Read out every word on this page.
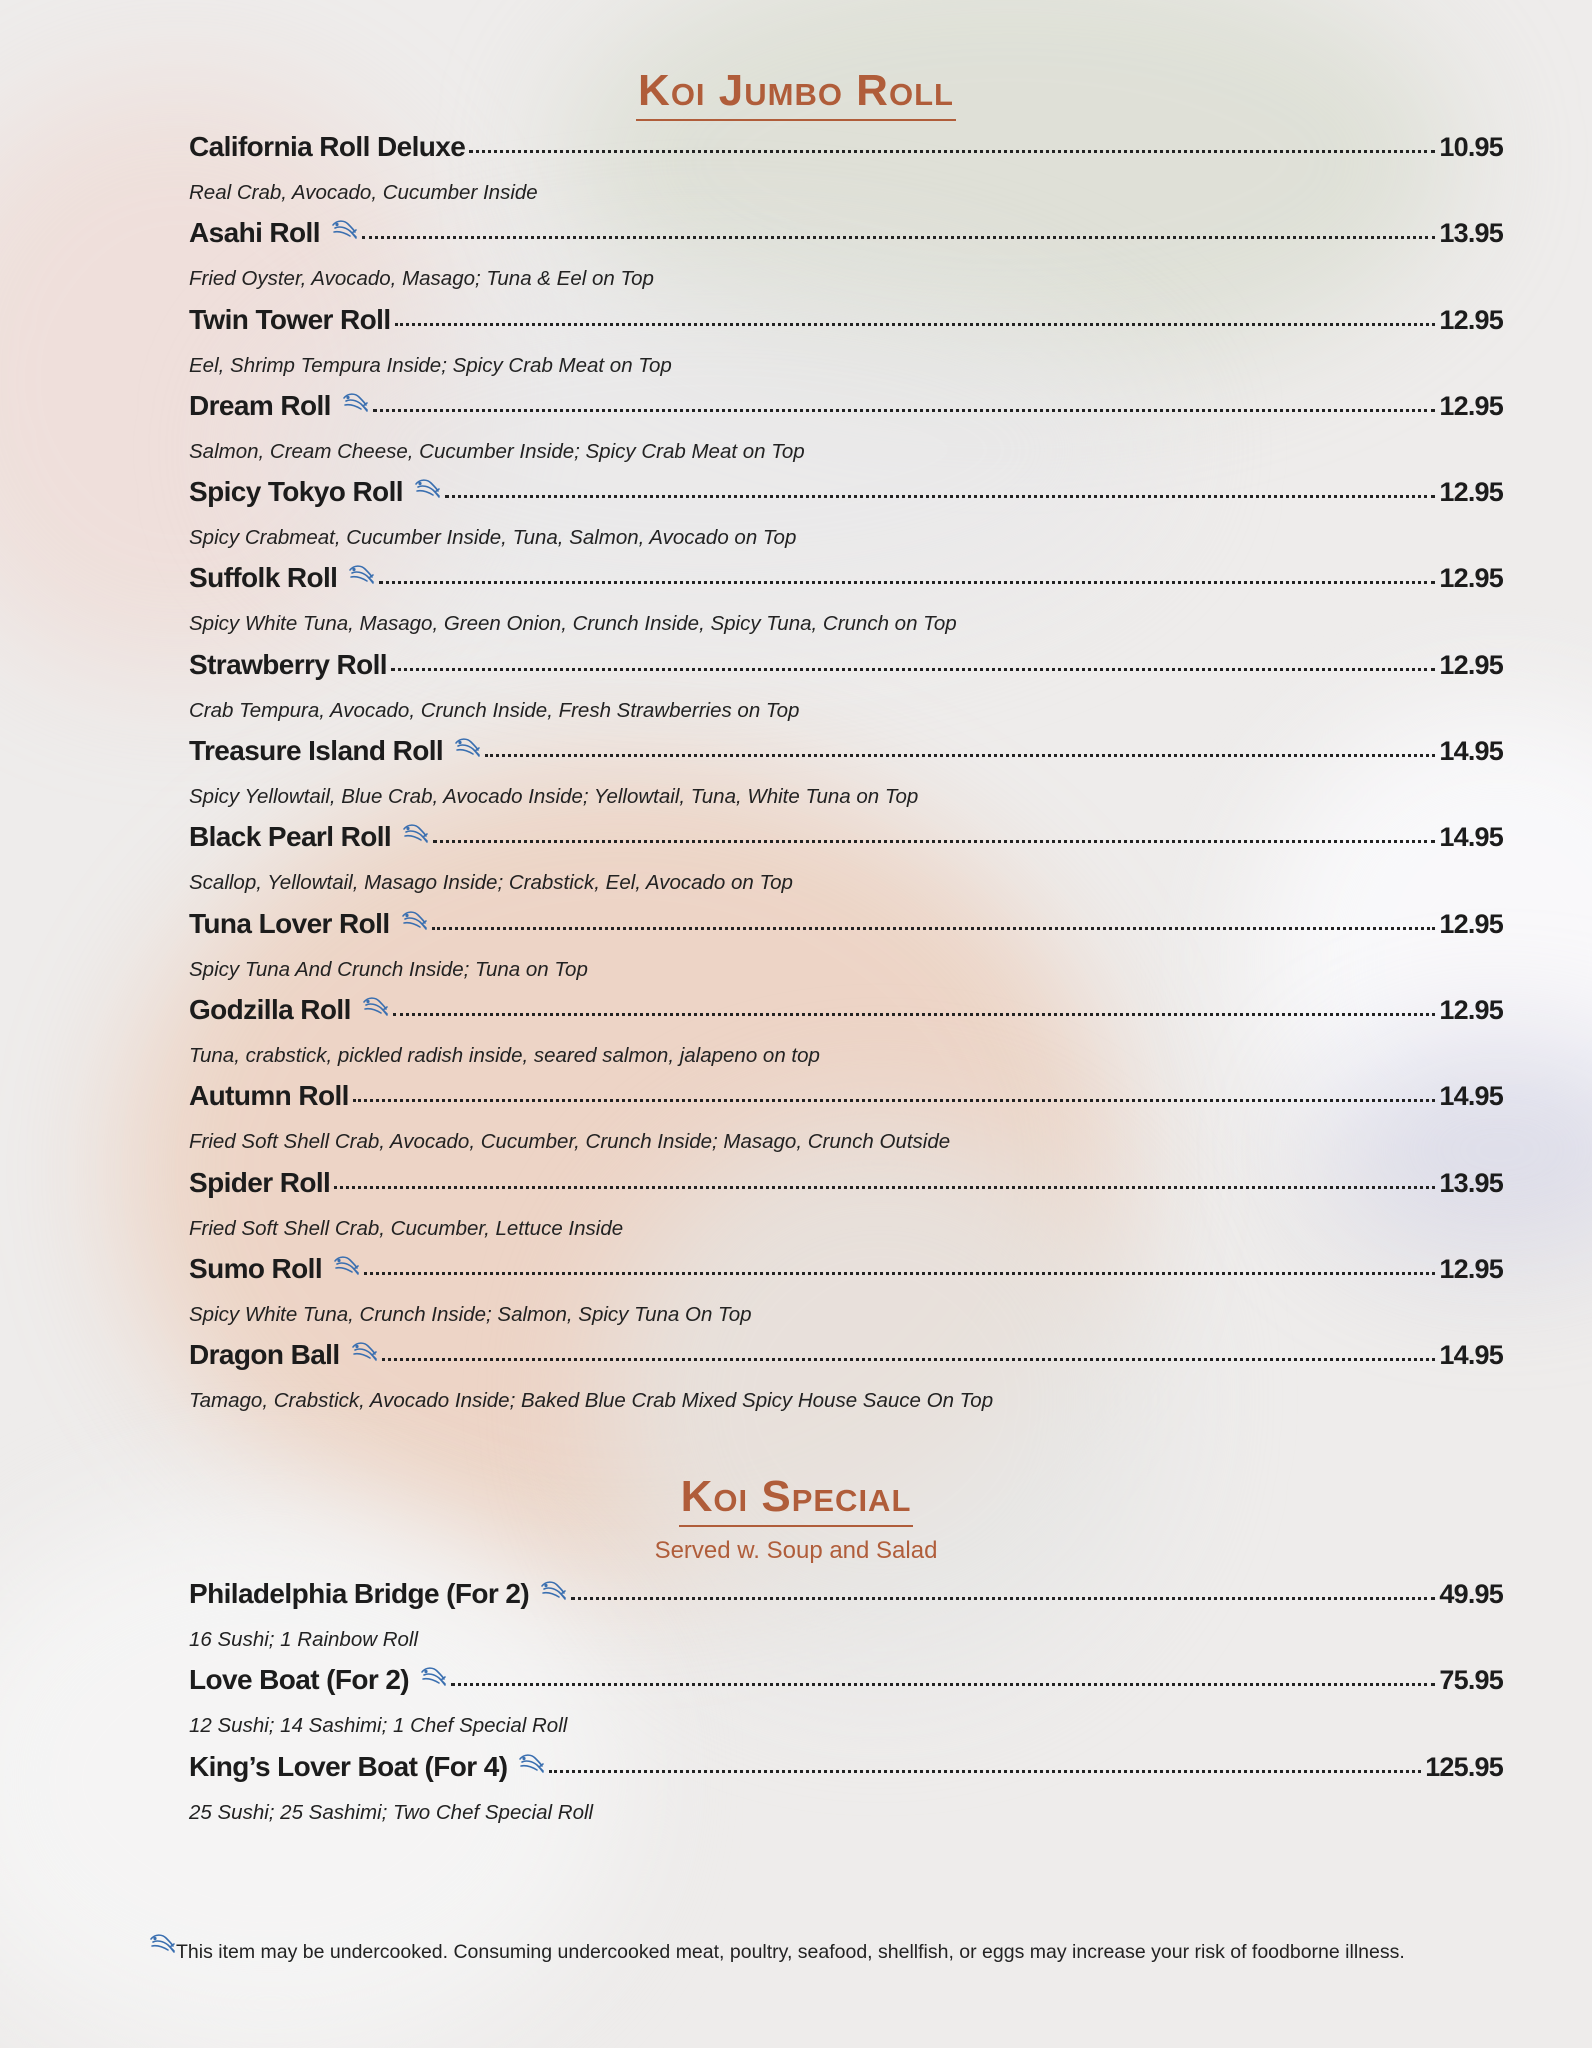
Koi Jumbo Roll
California Roll Deluxe	10.95
Real Crab, Avocado, Cucumber Inside
Asahi Roll	13.95
Fried Oyster, Avocado, Masago; Tuna & Eel on Top
Twin Tower Roll	12.95
Eel, Shrimp Tempura Inside; Spicy Crab Meat on Top
Dream Roll	12.95
Salmon, Cream Cheese, Cucumber Inside; Spicy Crab Meat on Top
Spicy Tokyo Roll	12.95
Spicy Crabmeat, Cucumber Inside, Tuna, Salmon, Avocado on Top
Suffolk Roll	12.95
Spicy White Tuna, Masago, Green Onion, Crunch Inside, Spicy Tuna, Crunch on Top
Strawberry Roll	12.95
Crab Tempura, Avocado, Crunch Inside, Fresh Strawberries on Top
Treasure Island Roll	14.95
Spicy Yellowtail, Blue Crab, Avocado Inside; Yellowtail, Tuna, White Tuna on Top
Black Pearl Roll	14.95
Scallop, Yellowtail, Masago Inside; Crabstick, Eel, Avocado on Top
Tuna Lover Roll	12.95
Spicy Tuna And Crunch Inside; Tuna on Top
Godzilla Roll	12.95
Tuna, crabstick, pickled radish inside, seared salmon, jalapeno on top
Autumn Roll	14.95
Fried Soft Shell Crab, Avocado, Cucumber, Crunch Inside; Masago, Crunch Outside
Spider Roll	13.95
Fried Soft Shell Crab, Cucumber, Lettuce Inside
Sumo Roll	12.95
Spicy White Tuna, Crunch Inside; Salmon, Spicy Tuna On Top
Dragon Ball	14.95
Tamago, Crabstick, Avocado Inside; Baked Blue Crab Mixed Spicy House Sauce On Top
Koi Special
Served w. Soup and Salad
Philadelphia Bridge (For 2)	49.95
16 Sushi; 1 Rainbow Roll
Love Boat (For 2)	75.95
12 Sushi; 14 Sashimi; 1 Chef Special Roll
King’s Lover Boat (For 4)	125.95
25 Sushi; 25 Sashimi; Two Chef Special Roll
This item may be undercooked. Consuming undercooked meat, poultry, seafood, shellfish, or eggs may increase your risk of foodborne illness.
